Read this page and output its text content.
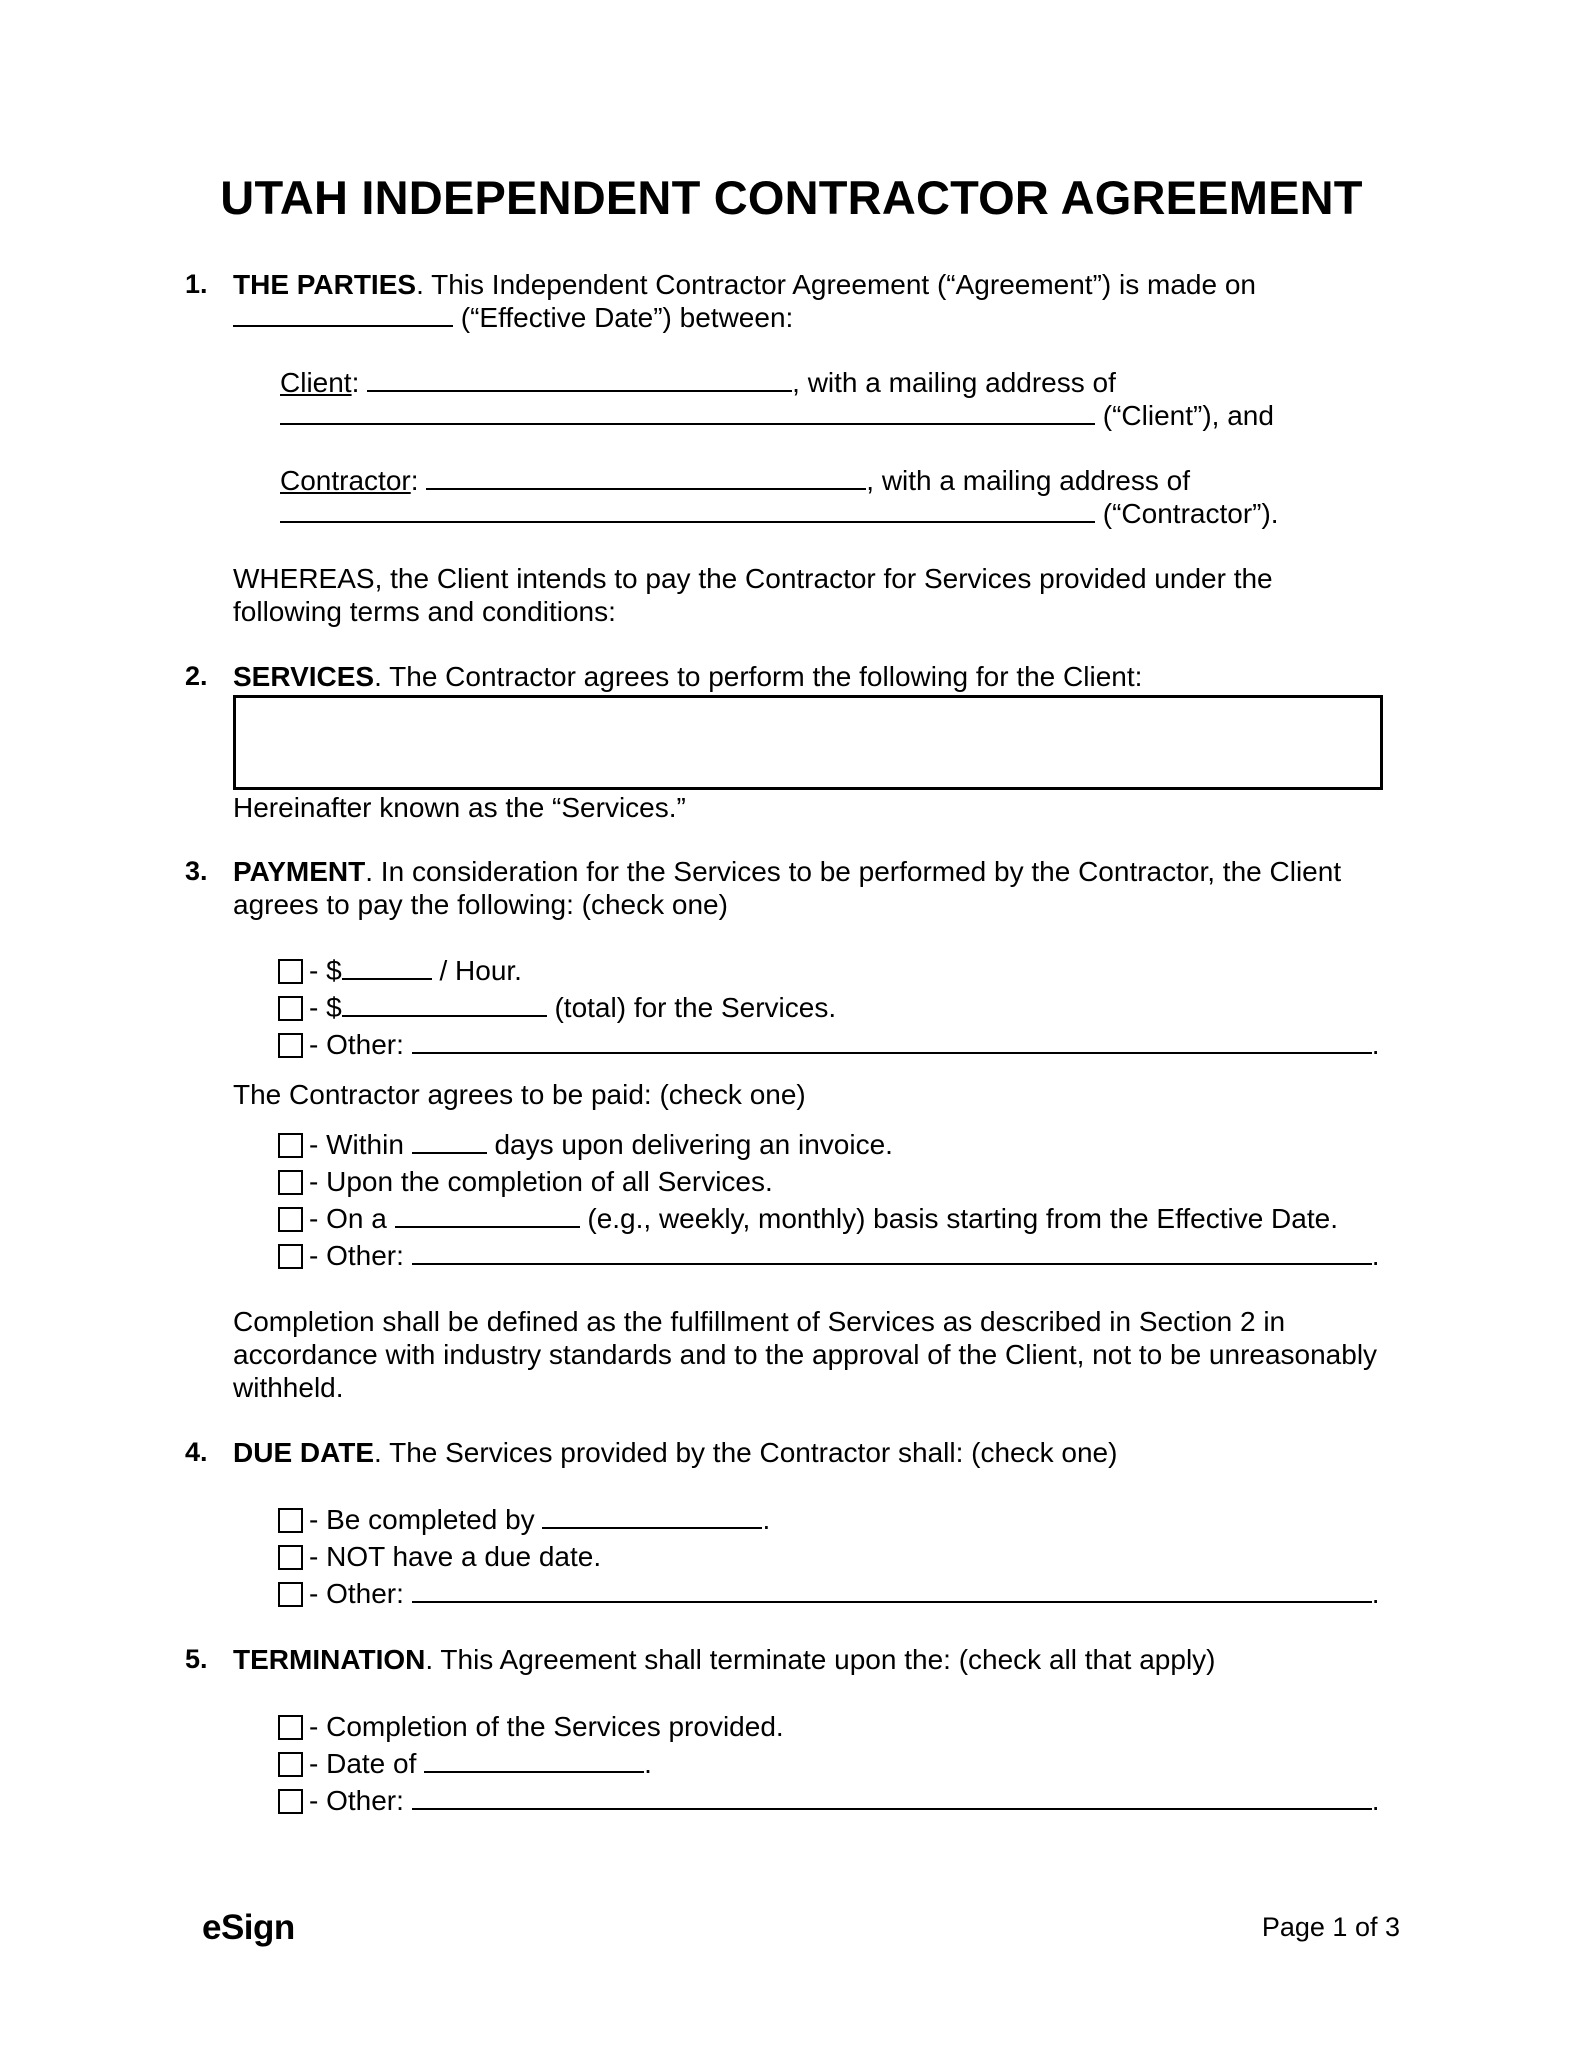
UTAH INDEPENDENT CONTRACTOR AGREEMENT
1. THE PARTIES. This Independent Contractor Agreement (“Agreement”) is made on
(“Effective Date”) between:
Client:	, with a mailing address of
(“Client”), and
Contractor:	, with a mailing address of
(“Contractor”).
WHEREAS, the Client intends to pay the Contractor for Services provided under the
following terms and conditions:
2. SERVICES. The Contractor agrees to perform the following for the Client:
Hereinafter known as the “Services.”
3. PAYMENT. In consideration for the Services to be performed by the Contractor, the Client
agrees to pay the following: (check one)
- $	/ Hour.
- $	(total) for the Services.
- Other:	.
The Contractor agrees to be paid: (check one)
- Within	days upon delivering an invoice.
- Upon the completion of all Services.
- On a	(e.g., weekly, monthly) basis starting from the Effective Date.
- Other:	.
Completion shall be defined as the fulfillment of Services as described in Section 2 in
accordance with industry standards and to the approval of the Client, not to be unreasonably
withheld.
4. DUE DATE. The Services provided by the Contractor shall: (check one)
- Be completed by	.
- NOT have a due date.
- Other:	.
5. TERMINATION. This Agreement shall terminate upon the: (check all that apply)
- Completion of the Services provided.
- Date of	.
- Other:	.
eSign	Page 1 of 3
